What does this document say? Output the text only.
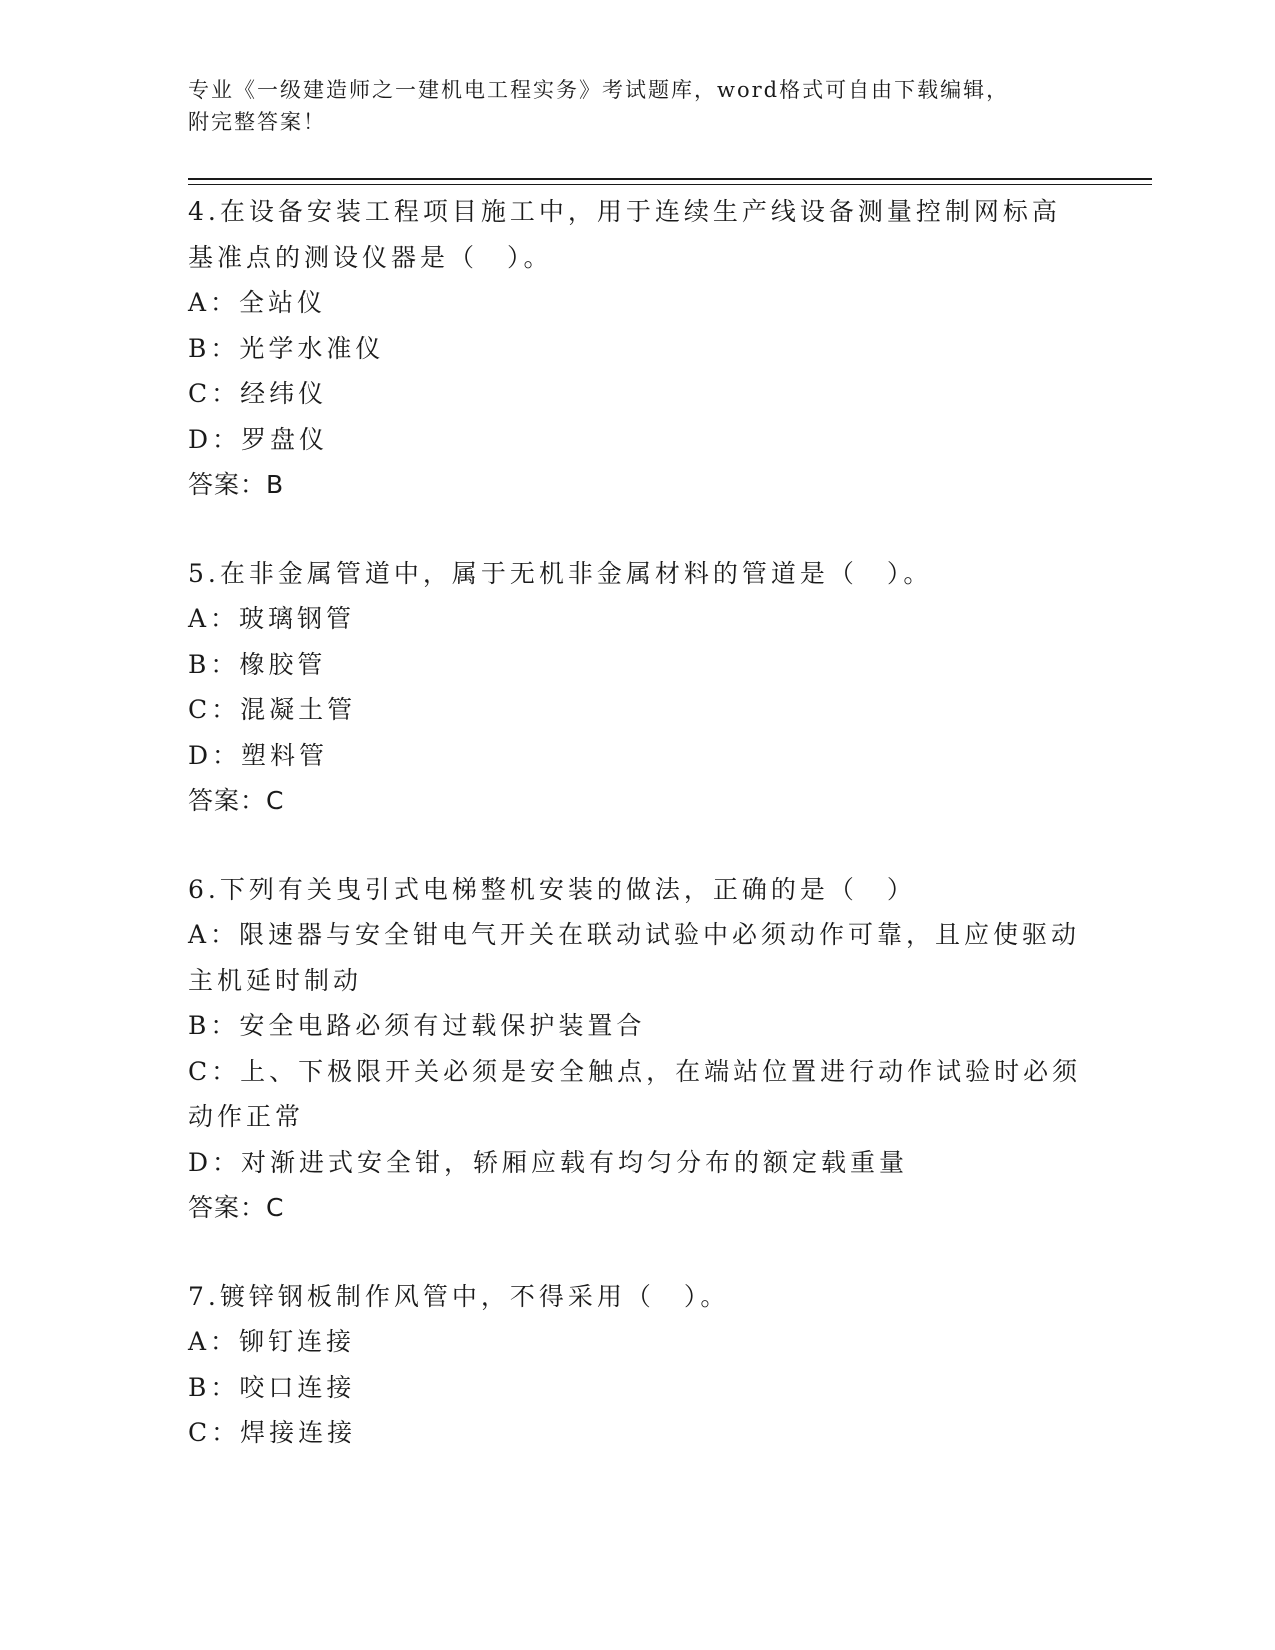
专业《一级建造师之一建机电工程实务》考试题库，word格式可自由下载编辑，
附完整答案！
4.在设备安装工程项目施工中，用于连续生产线设备测量控制网标高
基准点的测设仪器是（　）。
A：全站仪
B：光学水准仪
C：经纬仪
D：罗盘仪
答案：B
5.在非金属管道中，属于无机非金属材料的管道是（　）。
A：玻璃钢管
B：橡胶管
C：混凝土管
D：塑料管
答案：C
6.下列有关曳引式电梯整机安装的做法，正确的是（　）
A：限速器与安全钳电气开关在联动试验中必须动作可靠，且应使驱动
主机延时制动
B：安全电路必须有过载保护装置合
C：上、下极限开关必须是安全触点，在端站位置进行动作试验时必须
动作正常
D：对渐进式安全钳，轿厢应载有均匀分布的额定载重量
答案：C
7.镀锌钢板制作风管中，不得采用（　）。
A：铆钉连接
B：咬口连接
C：焊接连接
